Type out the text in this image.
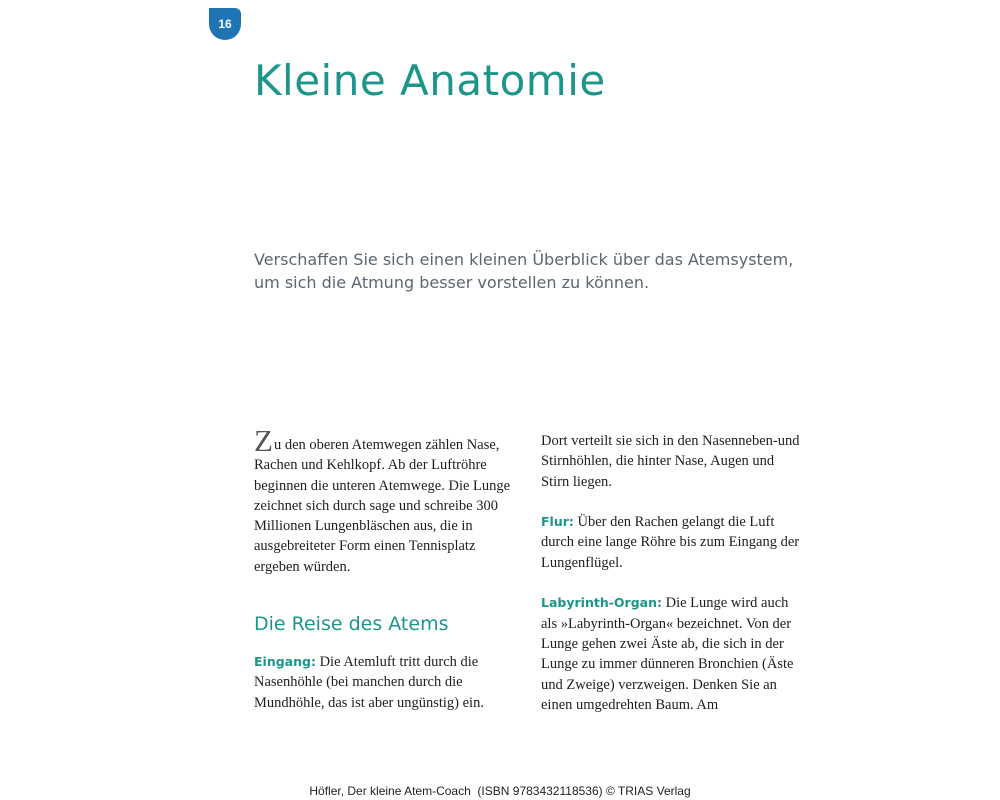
16
Kleine Anatomie

Verschaffen Sie sich einen kleinen Überblick über das Atemsystem, um sich die Atmung besser vorstellen zu können.

Zu den oberen Atemwegen zählen Nase, Rachen und Kehlkopf. Ab der Luftröhre beginnen die unteren Atemwege. Die Lunge zeichnet sich durch sage und schreibe 300 Millionen Lungenbläschen aus, die in ausgebreiteter Form einen Tennisplatz ergeben würden.

Die Reise des Atems

Eingang: Die Atemluft tritt durch die Nasenhöhle (bei manchen durch die Mundhöhle, das ist aber ungünstig) ein.

Dort verteilt sie sich in den Nasenneben-und Stirnhöhlen, die hinter Nase, Augen und Stirn liegen.

Flur: Über den Rachen gelangt die Luft durch eine lange Röhre bis zum Eingang der Lungenflügel.

Labyrinth-Organ: Die Lunge wird auch als »Labyrinth-Organ« bezeichnet. Von der Lunge gehen zwei Äste ab, die sich in der Lunge zu immer dünneren Bronchien (Äste und Zweige) verzweigen. Denken Sie an einen umgedrehten Baum. Am

Höfler, Der kleine Atem-Coach  (ISBN 9783432118536) © TRIAS Verlag
